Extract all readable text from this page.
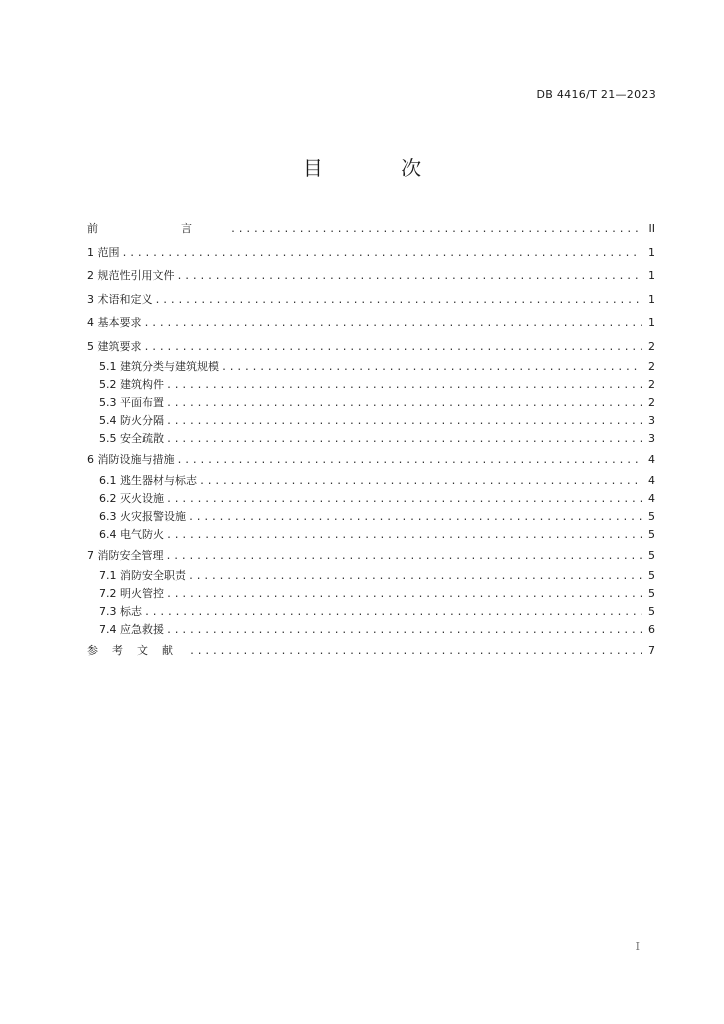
DB 4416/T 21—2023
目 次
前　言 .....	II
1 范围 .....	1
2 规范性引用文件 .....	1
3 术语和定义 .....	1
4 基本要求 .....	1
5 建筑要求 .....	2
5.1 建筑分类与建筑规模 .....	2
5.2 建筑构件 .....	2
5.3 平面布置 .....	2
5.4 防火分隔 .....	3
5.5 安全疏散 .....	3
6 消防设施与措施 .....	4
6.1 逃生器材与标志 .....	4
6.2 灭火设施 .....	4
6.3 火灾报警设施 .....	5
6.4 电气防火 .....	5
7 消防安全管理 .....	5
7.1 消防安全职责 .....	5
7.2 明火管控 .....	5
7.3 标志 .....	5
7.4 应急救援 .....	6
参考文献 .....	7
I
